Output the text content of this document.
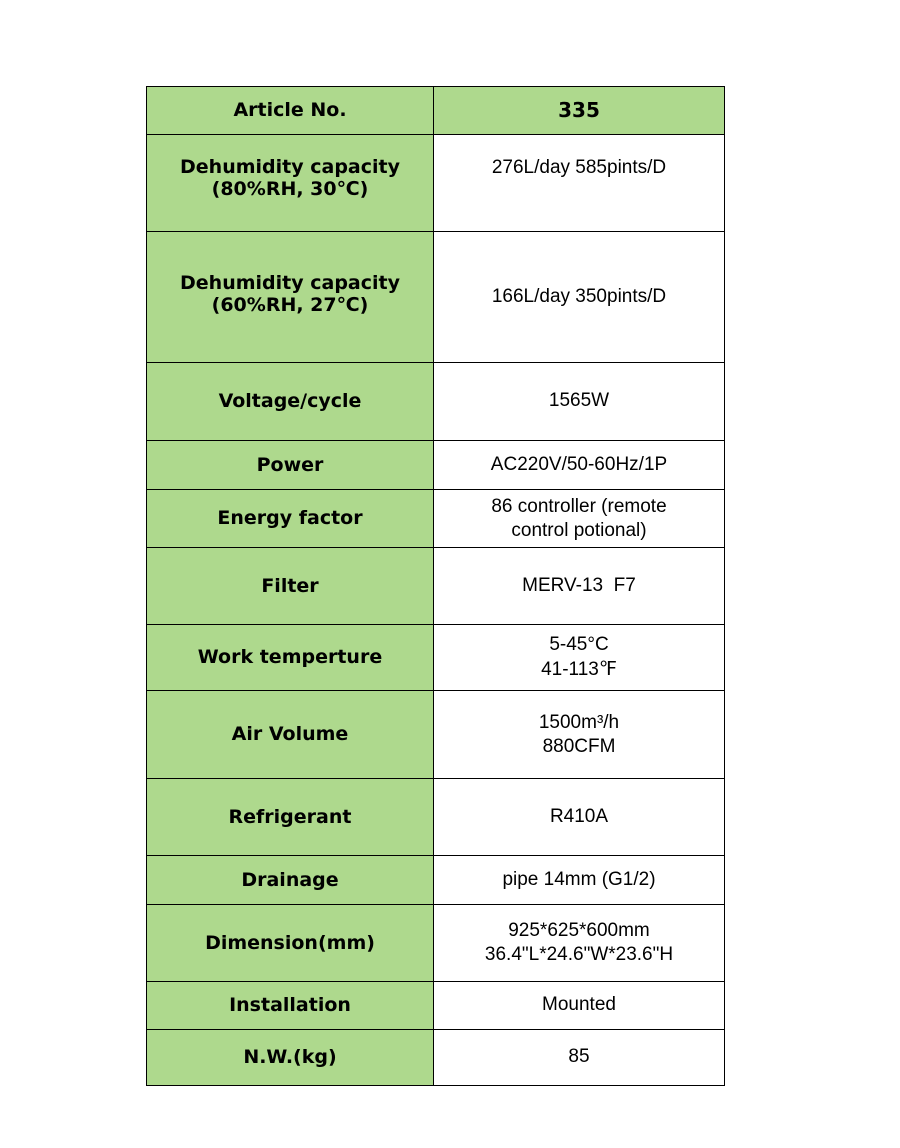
Article No.	335

Dehumidity capacity
(80%RH, 30℃)	276L/day 585pints/D

Dehumidity capacity
(60%RH, 27℃)	166L/day 350pints/D

Voltage/cycle	1565W

Power	AC220V/50-60Hz/1P

Energy factor	86 controller (remote
control potional)

Filter	MERV-13  F7

Work temperture	5-45°C
41-113℉

Air Volume	1500m³/h
880CFM

Refrigerant	R410A

Drainage	pipe 14mm (G1/2)

Dimension(mm)	925*625*600mm
36.4"L*24.6"W*23.6"H

Installation	Mounted

N.W.(kg)	85
